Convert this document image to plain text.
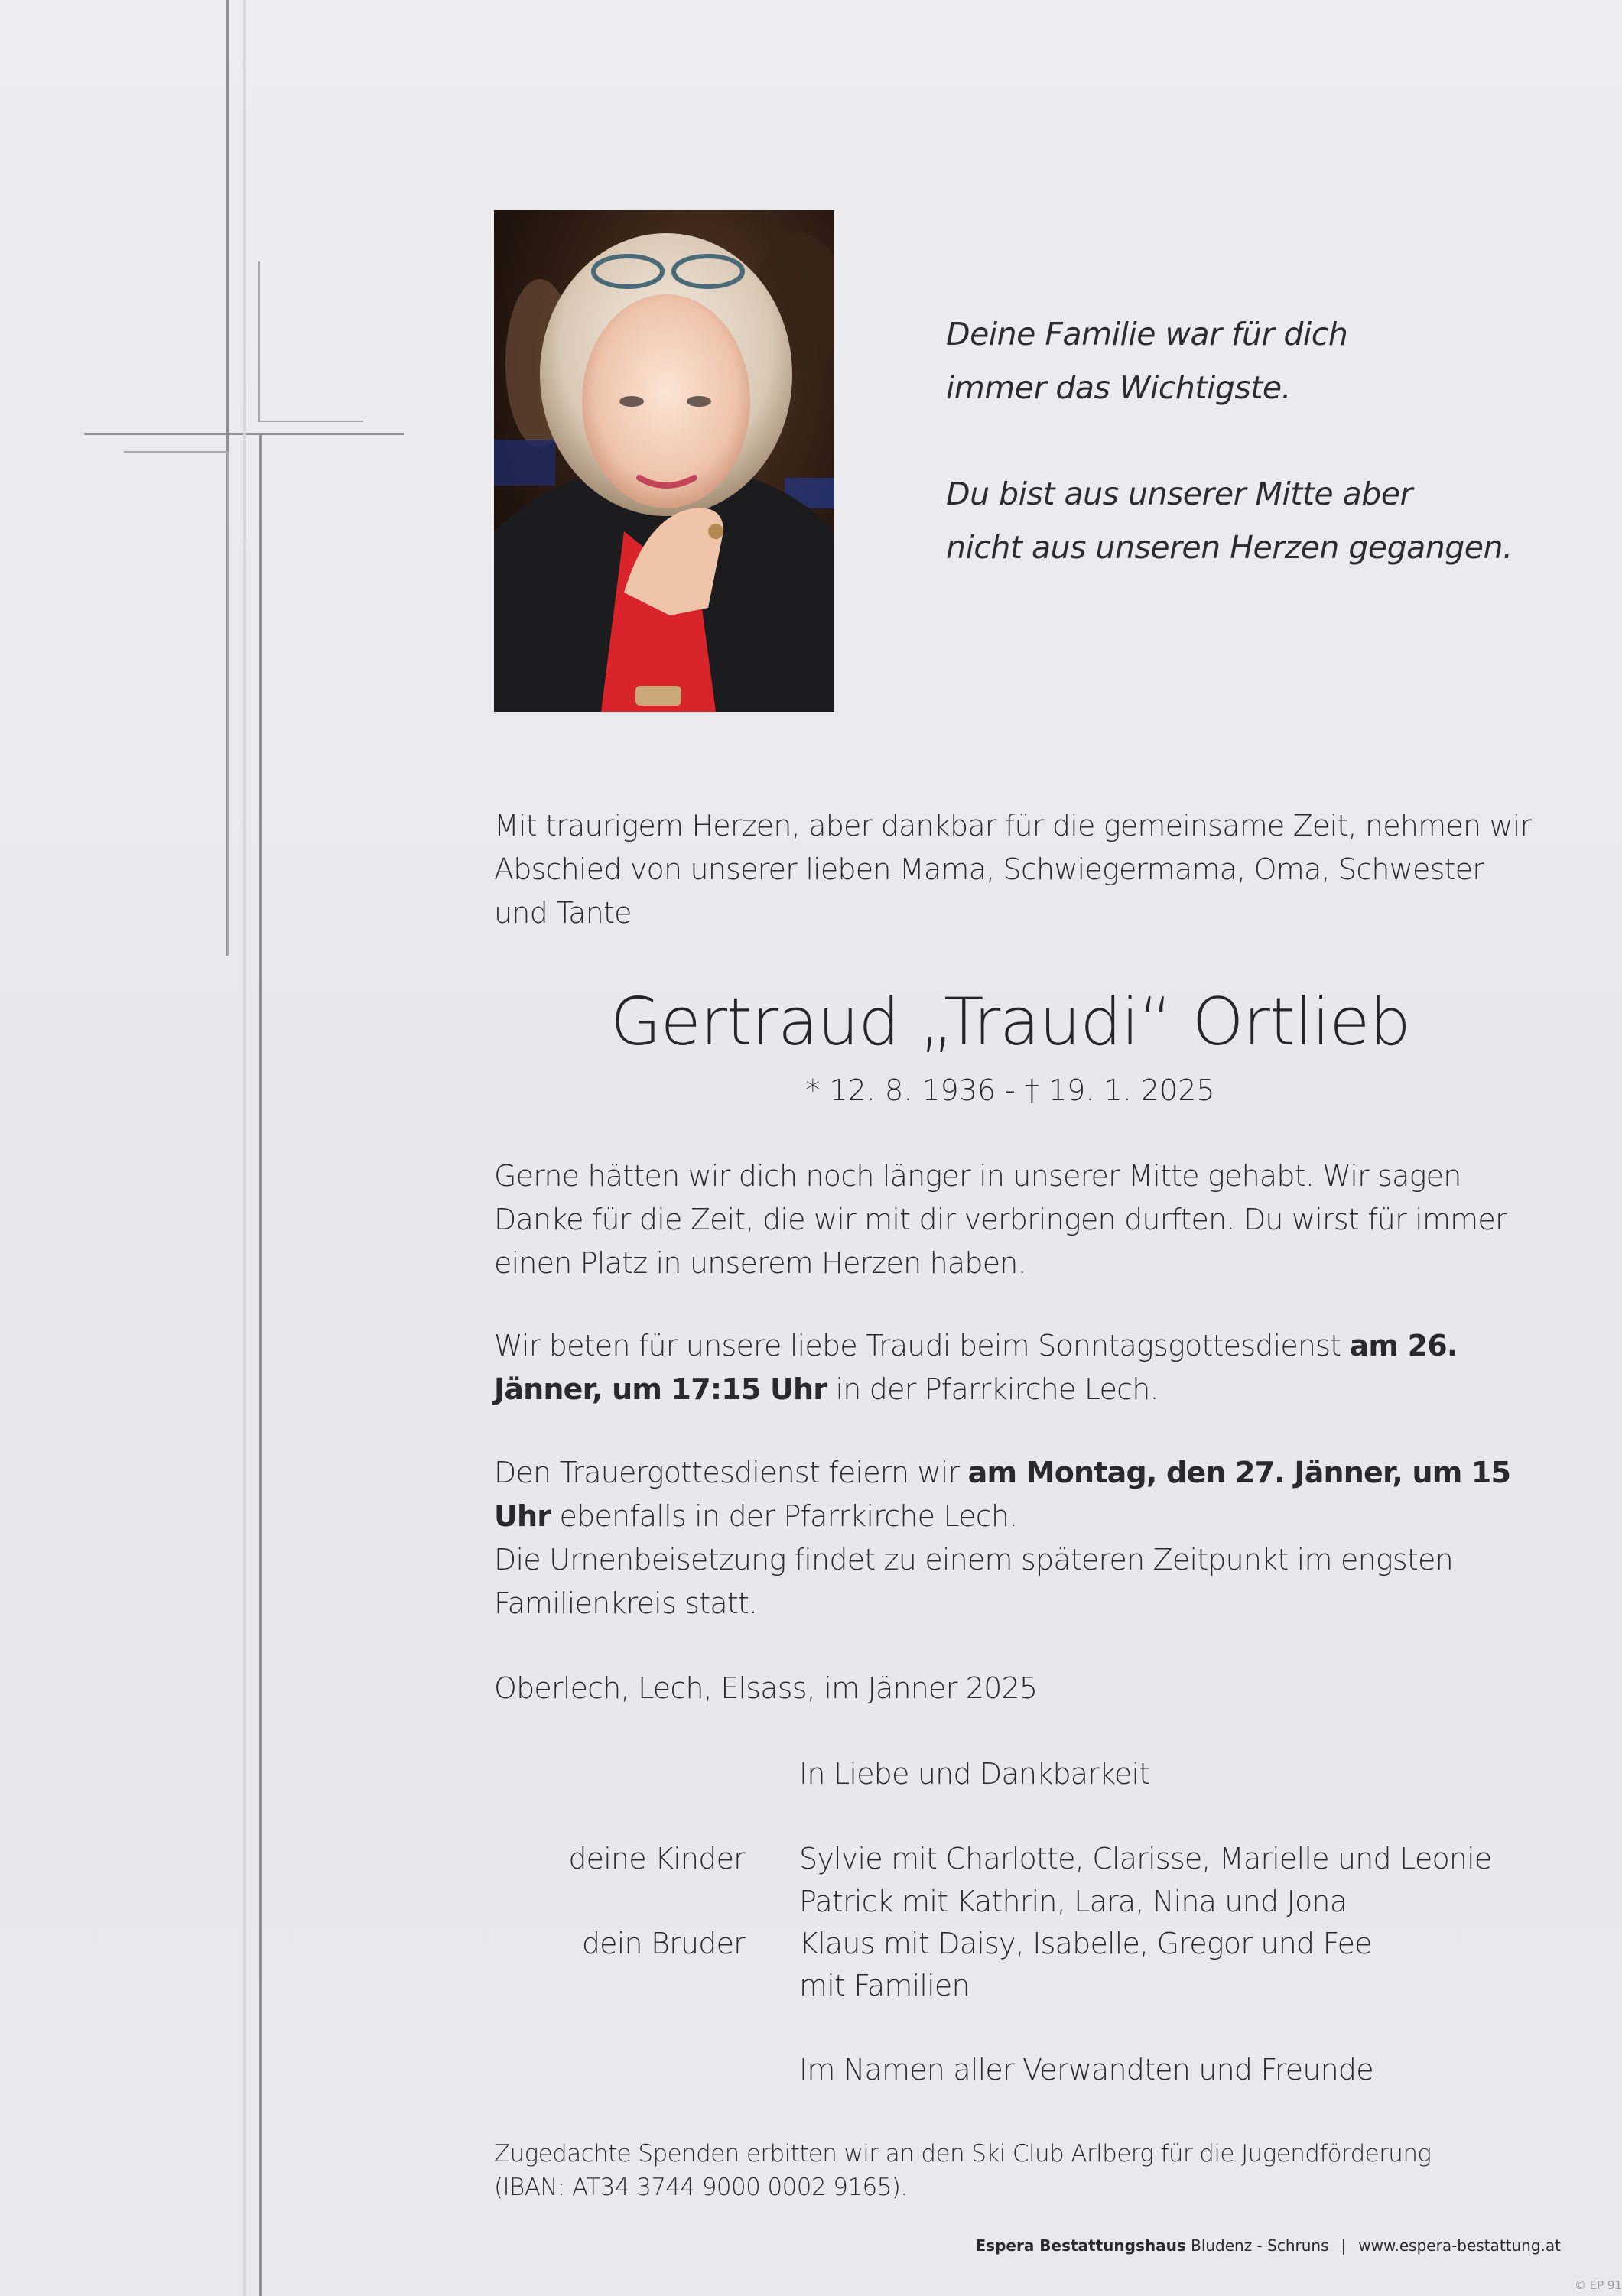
Deine Familie war für dich
immer das Wichtigste.

Du bist aus unserer Mitte aber
nicht aus unseren Herzen gegangen.

Mit traurigem Herzen, aber dankbar für die gemeinsame Zeit, nehmen wir Abschied von unserer lieben Mama, Schwiegermama, Oma, Schwester und Tante

Gertraud „Traudi“ Ortlieb
* 12. 8. 1936 - † 19. 1. 2025

Gerne hätten wir dich noch länger in unserer Mitte gehabt. Wir sagen Danke für die Zeit, die wir mit dir verbringen durften. Du wirst für immer einen Platz in unserem Herzen haben.

Wir beten für unsere liebe Traudi beim Sonntagsgottesdienst am 26. Jänner, um 17:15 Uhr in der Pfarrkirche Lech.

Den Trauergottesdienst feiern wir am Montag, den 27. Jänner, um 15 Uhr ebenfalls in der Pfarrkirche Lech.
Die Urnenbeisetzung findet zu einem späteren Zeitpunkt im engsten Familienkreis statt.

Oberlech, Lech, Elsass, im Jänner 2025

In Liebe und Dankbarkeit
deine Kinder Sylvie mit Charlotte, Clarisse, Marielle und Leonie
Patrick mit Kathrin, Lara, Nina und Jona
dein Bruder Klaus mit Daisy, Isabelle, Gregor und Fee
mit Familien
Im Namen aller Verwandten und Freunde
Zugedachte Spenden erbitten wir an den Ski Club Arlberg für die Jugendförderung
(IBAN: AT34 3744 9000 0002 9165).
Espera Bestattungshaus Bludenz - Schruns | www.espera-bestattung.at
© EP 91
